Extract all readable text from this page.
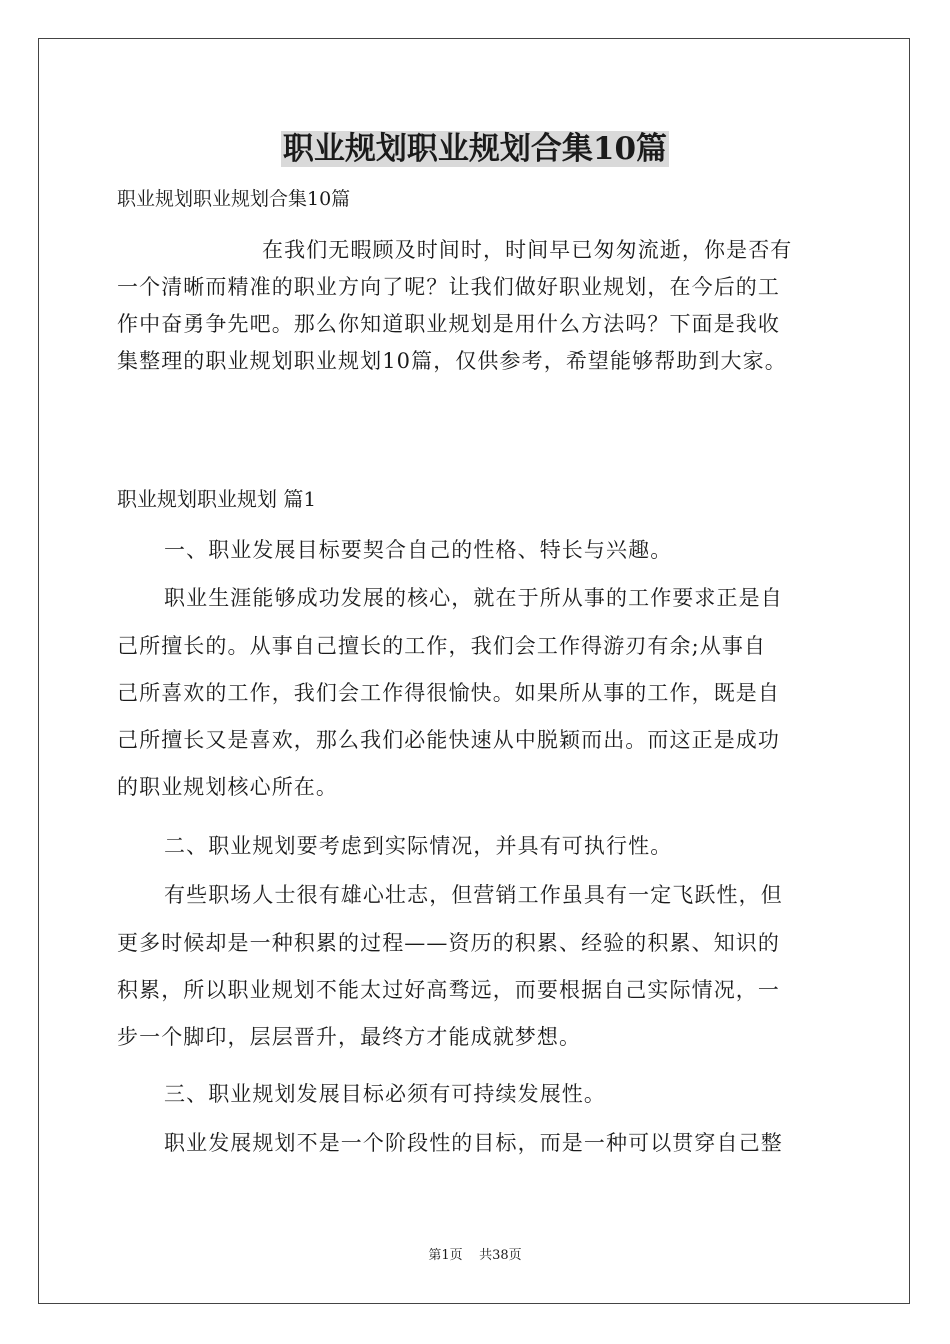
职业规划职业规划合集10篇
职业规划职业规划合集10篇
在我们无暇顾及时间时，时间早已匆匆流逝，你是否有
一个清晰而精准的职业方向了呢？让我们做好职业规划，在今后的工
作中奋勇争先吧。那么你知道职业规划是用什么方法吗？下面是我收
集整理的职业规划职业规划10篇，仅供参考，希望能够帮助到大家。
职业规划职业规划 篇1
一、职业发展目标要契合自己的性格、特长与兴趣。
职业生涯能够成功发展的核心，就在于所从事的工作要求正是自
己所擅长的。从事自己擅长的工作，我们会工作得游刃有余;从事自
己所喜欢的工作，我们会工作得很愉快。如果所从事的工作，既是自
己所擅长又是喜欢，那么我们必能快速从中脱颖而出。而这正是成功
的职业规划核心所在。
二、职业规划要考虑到实际情况，并具有可执行性。
有些职场人士很有雄心壮志，但营销工作虽具有一定飞跃性，但
更多时候却是一种积累的过程——资历的积累、经验的积累、知识的
积累，所以职业规划不能太过好高骛远，而要根据自己实际情况，一
步一个脚印，层层晋升，最终方才能成就梦想。
三、职业规划发展目标必须有可持续发展性。
职业发展规划不是一个阶段性的目标，而是一种可以贯穿自己整
第1页    共38页
